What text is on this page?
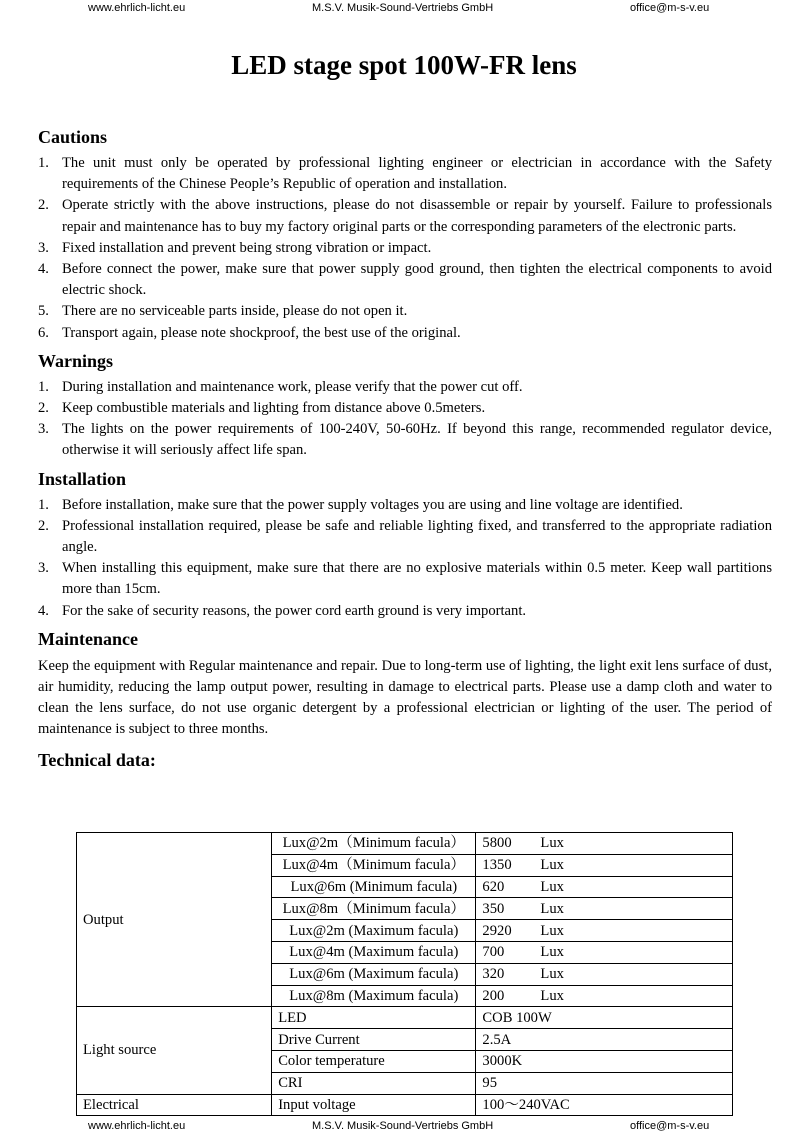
www.ehrlich-licht.eu	M.S.V. Musik-Sound-Vertriebs GmbH	office@m-s-v.eu
LED stage spot 100W-FR lens
Cautions
1. The unit must only be operated by professional lighting engineer or electrician in accordance with the Safety requirements of the Chinese People’s Republic of operation and installation.
2. Operate strictly with the above instructions, please do not disassemble or repair by yourself. Failure to professionals repair and maintenance has to buy my factory original parts or the corresponding parameters of the electronic parts.
3. Fixed installation and prevent being strong vibration or impact.
4. Before connect the power, make sure that power supply good ground, then tighten the electrical components to avoid electric shock.
5. There are no serviceable parts inside, please do not open it.
6. Transport again, please note shockproof, the best use of the original.
Warnings
1. During installation and maintenance work, please verify that the power cut off.
2. Keep combustible materials and lighting from distance above 0.5meters.
3. The lights on the power requirements of 100-240V, 50-60Hz. If beyond this range, recommended regulator device, otherwise it will seriously affect life span.
Installation
1. Before installation, make sure that the power supply voltages you are using and line voltage are identified.
2. Professional installation required, please be safe and reliable lighting fixed, and transferred to the appropriate radiation angle.
3. When installing this equipment, make sure that there are no explosive materials within 0.5 meter. Keep wall partitions more than 15cm.
4. For the sake of security reasons, the power cord earth ground is very important.
Maintenance

Keep the equipment with Regular maintenance and repair. Due to long-term use of lighting, the light exit lens surface of dust, air humidity, reducing the lamp output power, resulting in damage to electrical parts. Please use a damp cloth and water to clean the lens surface, do not use organic detergent by a professional electrician or lighting of the user. The period of maintenance is subject to three months.

Technical data:
Output	Lux@2m（Minimum facula）	5800 Lux
	Lux@4m（Minimum facula）	1350 Lux
	Lux@6m (Minimum facula)	620 Lux
	Lux@8m（Minimum facula）	350 Lux
	Lux@2m (Maximum facula)	2920 Lux
	Lux@4m (Maximum facula)	700 Lux
	Lux@6m (Maximum facula)	320 Lux
	Lux@8m (Maximum facula)	200 Lux
Light source	LED	COB 100W
	Drive Current	2.5A
	Color temperature	3000K
	CRI	95
Electrical	Input voltage	100～240VAC
www.ehrlich-licht.eu	M.S.V. Musik-Sound-Vertriebs GmbH	office@m-s-v.eu
